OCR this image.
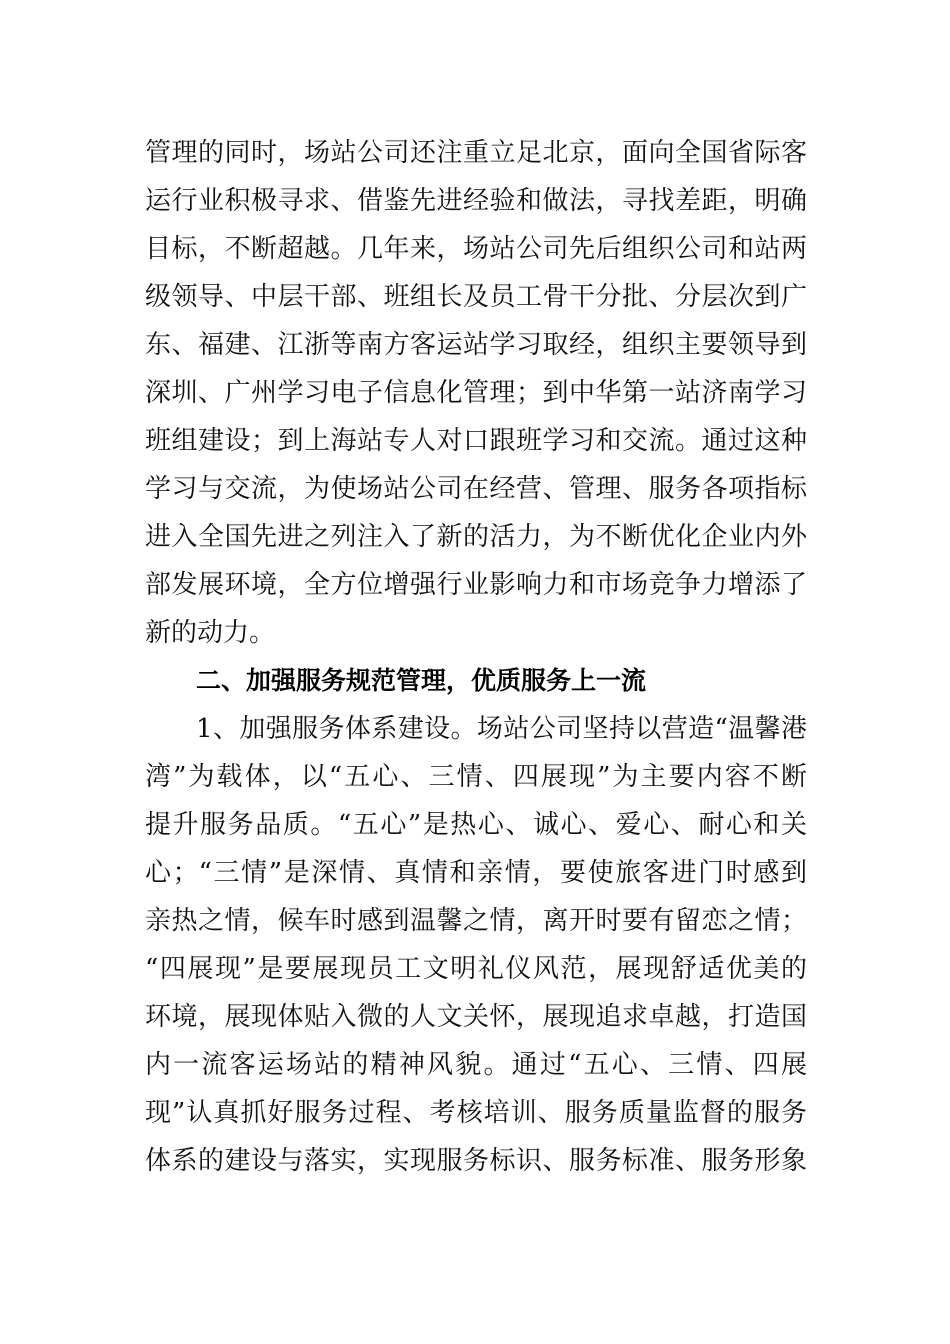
管理的同时，场站公司还注重立足北京，面向全国省际客
运行业积极寻求、借鉴先进经验和做法，寻找差距，明确
目标，不断超越。几年来，场站公司先后组织公司和站两
级领导、中层干部、班组长及员工骨干分批、分层次到广
东、福建、江浙等南方客运站学习取经，组织主要领导到
深圳、广州学习电子信息化管理；到中华第一站济南学习
班组建设；到上海站专人对口跟班学习和交流。通过这种
学习与交流，为使场站公司在经营、管理、服务各项指标
进入全国先进之列注入了新的活力，为不断优化企业内外
部发展环境，全方位增强行业影响力和市场竞争力增添了
新的动力。
二、加强服务规范管理，优质服务上一流
1、加强服务体系建设。场站公司坚持以营造“温馨港
湾”为载体，以“五心、三情、四展现”为主要内容不断
提升服务品质。“五心”是热心、诚心、爱心、耐心和关
心；“三情”是深情、真情和亲情，要使旅客进门时感到
亲热之情，候车时感到温馨之情，离开时要有留恋之情；
“四展现”是要展现员工文明礼仪风范，展现舒适优美的
环境，展现体贴入微的人文关怀，展现追求卓越，打造国
内一流客运场站的精神风貌。通过“五心、三情、四展
现”认真抓好服务过程、考核培训、服务质量监督的服务
体系的建设与落实，实现服务标识、服务标准、服务形象
